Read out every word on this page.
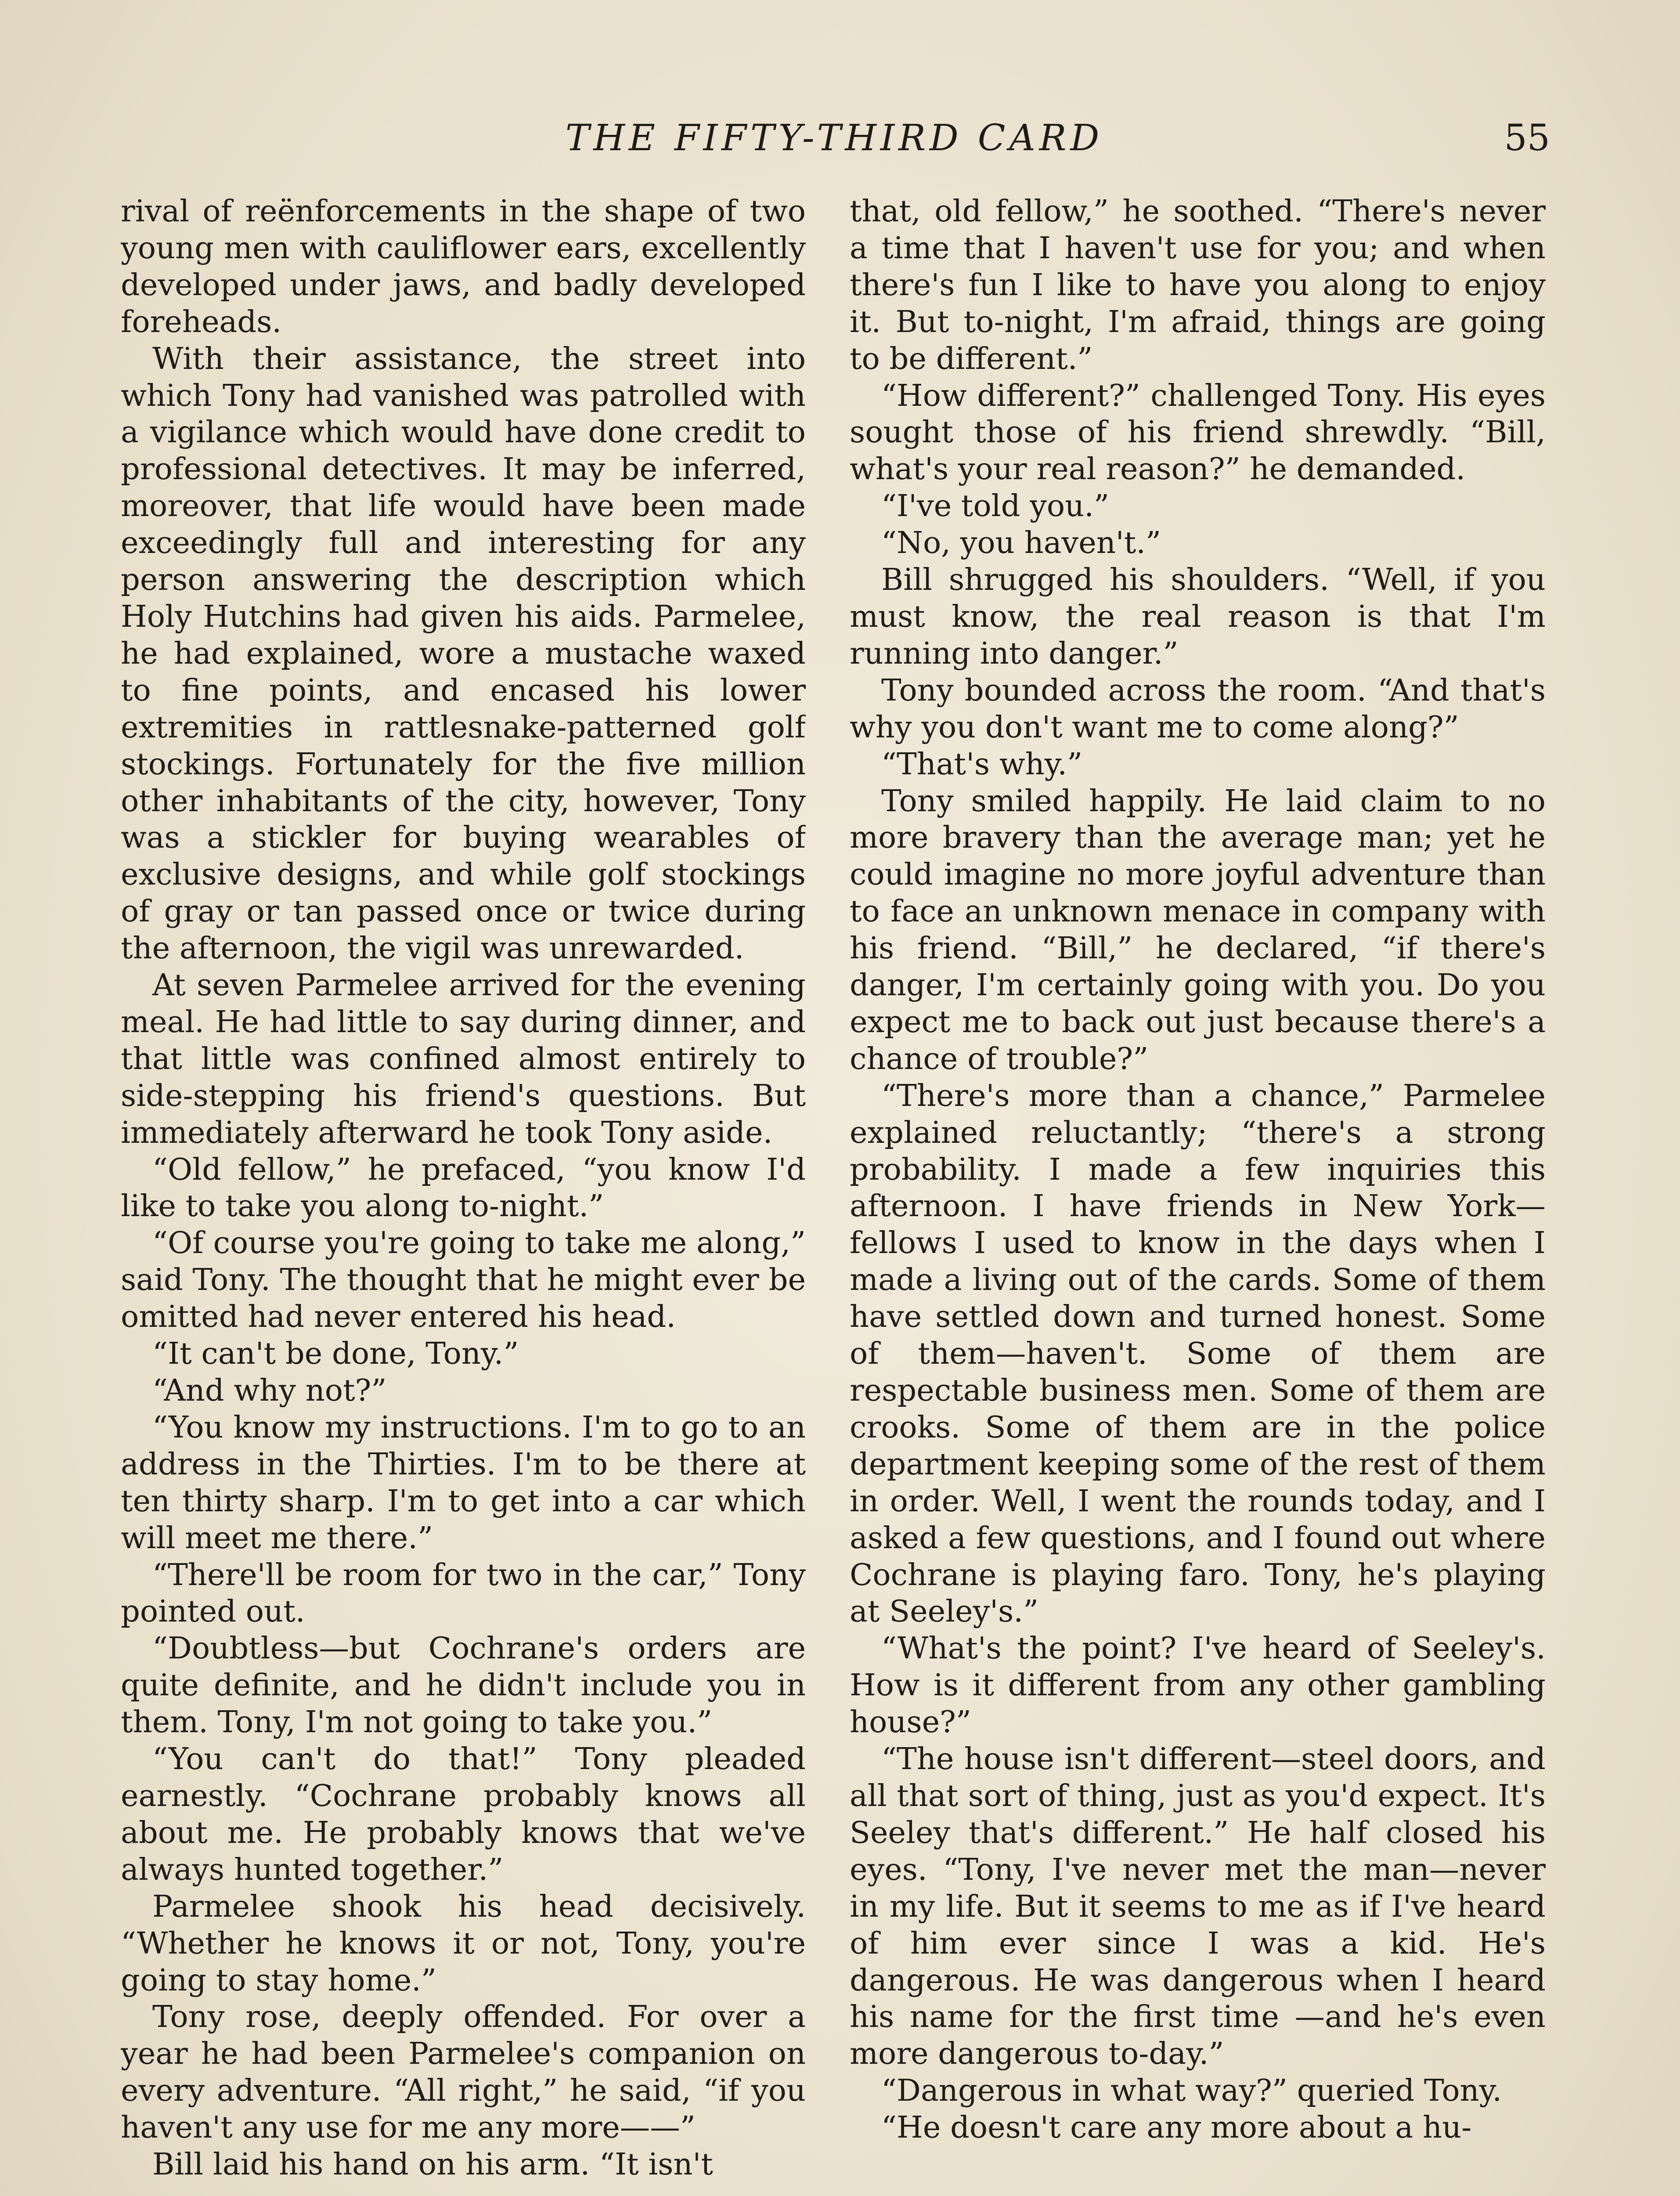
THE FIFTY-THIRD CARD	55

rival of reënforcements in the shape of two young men with cauliflower ears, excellently developed under jaws, and badly developed foreheads.

With their assistance, the street into which Tony had vanished was patrolled with a vigilance which would have done credit to professional detectives. It may be inferred, moreover, that life would have been made exceedingly full and interesting for any person answering the description which Holy Hutchins had given his aids. Parmelee, he had explained, wore a mustache waxed to fine points, and encased his lower extremities in rattlesnake-patterned golf stockings. Fortunately for the five million other inhabitants of the city, however, Tony was a stickler for buying wearables of exclusive designs, and while golf stockings of gray or tan passed once or twice during the afternoon, the vigil was unrewarded.

At seven Parmelee arrived for the evening meal. He had little to say during dinner, and that little was confined almost entirely to side-stepping his friend's questions. But immediately afterward he took Tony aside.

“Old fellow,” he prefaced, “you know I'd like to take you along to-night.”

“Of course you're going to take me along,” said Tony. The thought that he might ever be omitted had never entered his head.

“It can't be done, Tony.”

“And why not?”

“You know my instructions. I'm to go to an address in the Thirties. I'm to be there at ten thirty sharp. I'm to get into a car which will meet me there.”

“There'll be room for two in the car,” Tony pointed out.

“Doubtless—but Cochrane's orders are quite definite, and he didn't include you in them. Tony, I'm not going to take you.”

“You can't do that!” Tony pleaded earnestly. “Cochrane probably knows all about me. He probably knows that we've always hunted together.”

Parmelee shook his head decisively. “Whether he knows it or not, Tony, you're going to stay home.”

Tony rose, deeply offended. For over a year he had been Parmelee's companion on every adventure. “All right,” he said, “if you haven't any use for me any more——”

Bill laid his hand on his arm. “It isn't

that, old fellow,” he soothed. “There's never a time that I haven't use for you; and when there's fun I like to have you along to enjoy it. But to-night, I'm afraid, things are going to be different.”

“How different?” challenged Tony. His eyes sought those of his friend shrewdly. “Bill, what's your real reason?” he demanded.

“I've told you.”

“No, you haven't.”

Bill shrugged his shoulders. “Well, if you must know, the real reason is that I'm running into danger.”

Tony bounded across the room. “And that's why you don't want me to come along?”

“That's why.”

Tony smiled happily. He laid claim to no more bravery than the average man; yet he could imagine no more joyful adventure than to face an unknown menace in company with his friend. “Bill,” he declared, “if there's danger, I'm certainly going with you. Do you expect me to back out just because there's a chance of trouble?”

“There's more than a chance,” Parmelee explained reluctantly; “there's a strong probability. I made a few inquiries this afternoon. I have friends in New York—fellows I used to know in the days when I made a living out of the cards. Some of them have settled down and turned honest. Some of them—haven't. Some of them are respectable business men. Some of them are crooks. Some of them are in the police department keeping some of the rest of them in order. Well, I went the rounds today, and I asked a few questions, and I found out where Cochrane is playing faro. Tony, he's playing at Seeley's.”

“What's the point? I've heard of Seeley's. How is it different from any other gambling house?”

“The house isn't different—steel doors, and all that sort of thing, just as you'd expect. It's Seeley that's different.” He half closed his eyes. “Tony, I've never met the man—never in my life. But it seems to me as if I've heard of him ever since I was a kid. He's dangerous. He was dangerous when I heard his name for the first time —and he's even more dangerous to-day.”

“Dangerous in what way?” queried Tony.

“He doesn't care any more about a hu-
